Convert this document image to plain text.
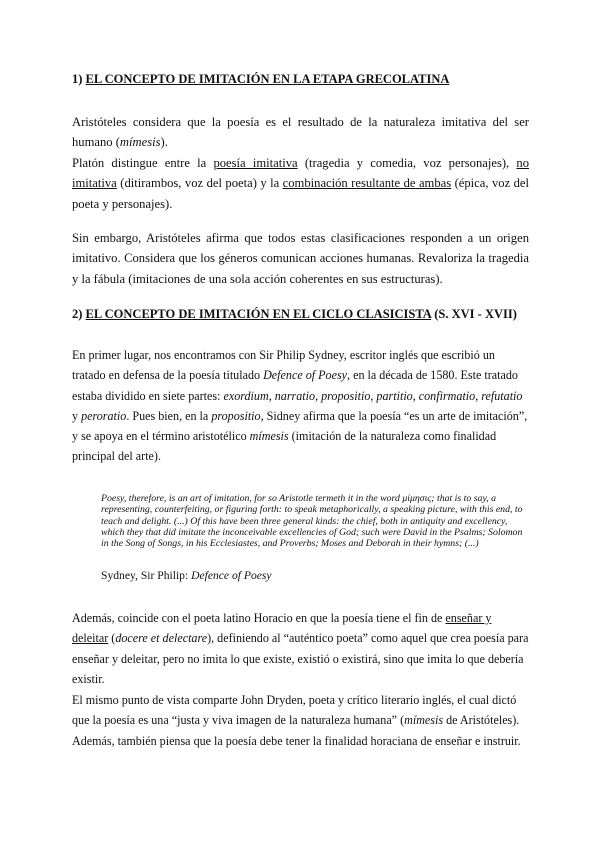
1) EL CONCEPTO DE IMITACIÓN EN LA ETAPA GRECOLATINA

Aristóteles considera que la poesía es el resultado de la naturaleza imitativa del ser humano (mímesis).

Platón distingue entre la poesía imitativa (tragedia y comedia, voz personajes), no imitativa (ditirambos, voz del poeta) y la combinación resultante de ambas (épica, voz del poeta y personajes).

Sin embargo, Aristóteles afirma que todos estas clasificaciones responden a un origen imitativo. Considera que los géneros comunican acciones humanas. Revaloriza la tragedia y la fábula (imitaciones de una sola acción coherentes en sus estructuras).

2) EL CONCEPTO DE IMITACIÓN EN EL CICLO CLASICISTA (S. XVI - XVII)

En primer lugar, nos encontramos con Sir Philip Sydney, escritor inglés que escribió un tratado en defensa de la poesía titulado Defence of Poesy, en la década de 1580. Este tratado estaba dividido en siete partes: exordium, narratio, propositio, partitio, confirmatio, refutatio y peroratio. Pues bien, en la propositio, Sidney afirma que la poesía “es un arte de imitación”, y se apoya en el término aristotélico mímesis (imitación de la naturaleza como finalidad principal del arte).

Poesy, therefore, is an art of imitation, for so Aristotle termeth it in the word μίμησις; that is to say, a representing, counterfeiting, or figuring forth: to speak metaphorically, a speaking picture, with this end, to teach and delight. (...) Of this have been three general kinds: the chief, both in antiquity and excellency, which they that did imitate the inconceivable excellencies of God; such were David in the Psalms; Solomon in the Song of Songs, in his Ecclesiastes, and Proverbs; Moses and Deborah in their hymns; (...)

Sydney, Sir Philip: Defence of Poesy

Además, coincide con el poeta latino Horacio en que la poesía tiene el fin de enseñar y deleitar (docere et delectare), definiendo al “auténtico poeta” como aquel que crea poesía para enseñar y deleitar, pero no imita lo que existe, existió o existirá, sino que imita lo que debería existir.

El mismo punto de vista comparte John Dryden, poeta y crítico literario inglés, el cual dictó que la poesía es una “justa y viva imagen de la naturaleza humana” (mímesis de Aristóteles). Además, también piensa que la poesía debe tener la finalidad horaciana de enseñar e instruir.
